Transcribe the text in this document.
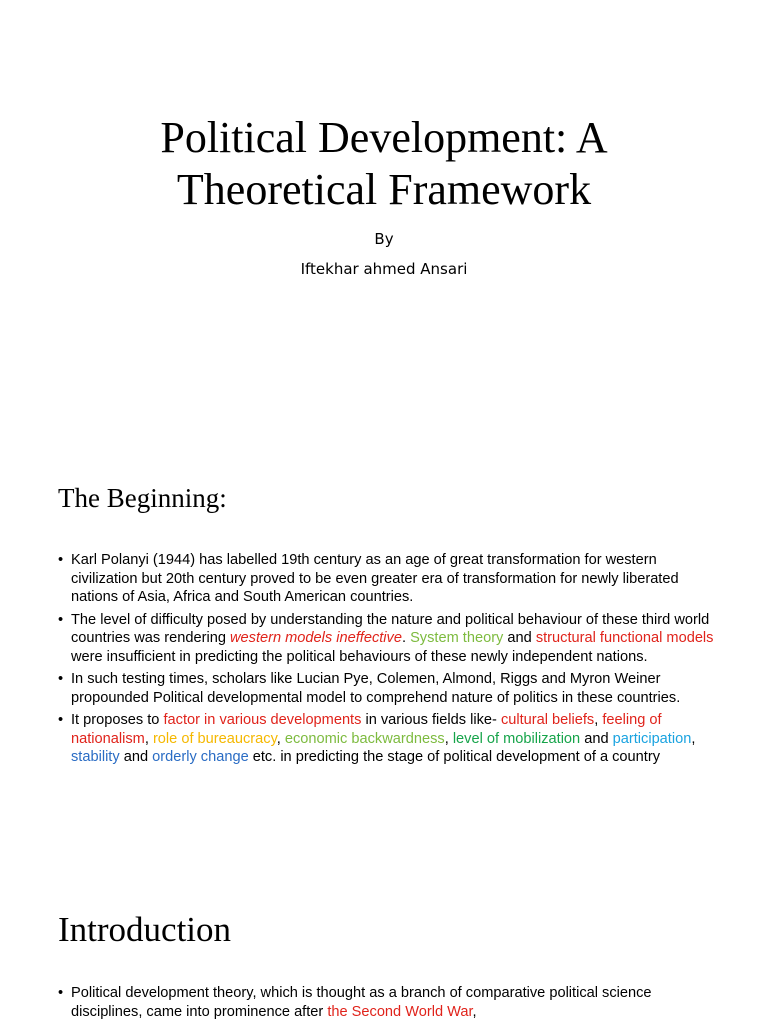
Political Development: A
Theoretical Framework
By
Iftekhar ahmed Ansari
The Beginning:
• Karl Polanyi (1944) has labelled 19th century as an age of great transformation for western civilization but 20th century proved to be even greater era of transformation for newly liberated nations of Asia, Africa and South American countries.
• The level of difficulty posed by understanding the nature and political behaviour of these third world countries was rendering western models ineffective. System theory and structural functional models were insufficient in predicting the political behaviours of these newly independent nations.
• In such testing times, scholars like Lucian Pye, Colemen, Almond, Riggs and Myron Weiner propounded Political developmental model to comprehend nature of politics in these countries.
• It proposes to factor in various developments in various fields like- cultural beliefs, feeling of nationalism, role of bureaucracy, economic backwardness, level of mobilization and participation, stability and orderly change etc. in predicting the stage of political development of a country
Introduction
• Political development theory, which is thought as a branch of comparative political science disciplines, came into prominence after the Second World War,
